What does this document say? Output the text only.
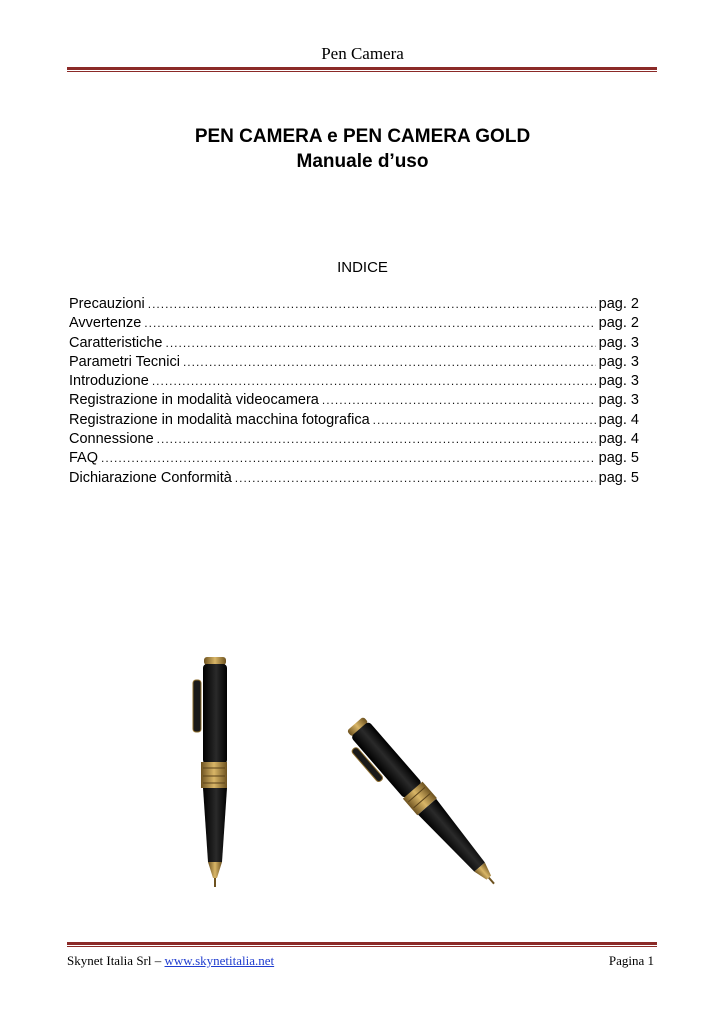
Pen Camera
PEN CAMERA e PEN CAMERA GOLD
Manuale d’uso
INDICE
Precauzioni .....	pag. 2
Avvertenze .....	pag. 2
Caratteristiche .....	pag. 3
Parametri Tecnici .....	pag. 3
Introduzione .....	pag. 3
Registrazione in modalità videocamera .....	pag. 3
Registrazione in modalità macchina fotografica .....	pag. 4
Connessione .....	pag. 4
FAQ .....	pag. 5
Dichiarazione Conformità .....	pag. 5
Skynet Italia Srl – www.skynetitalia.net	Pagina 1
